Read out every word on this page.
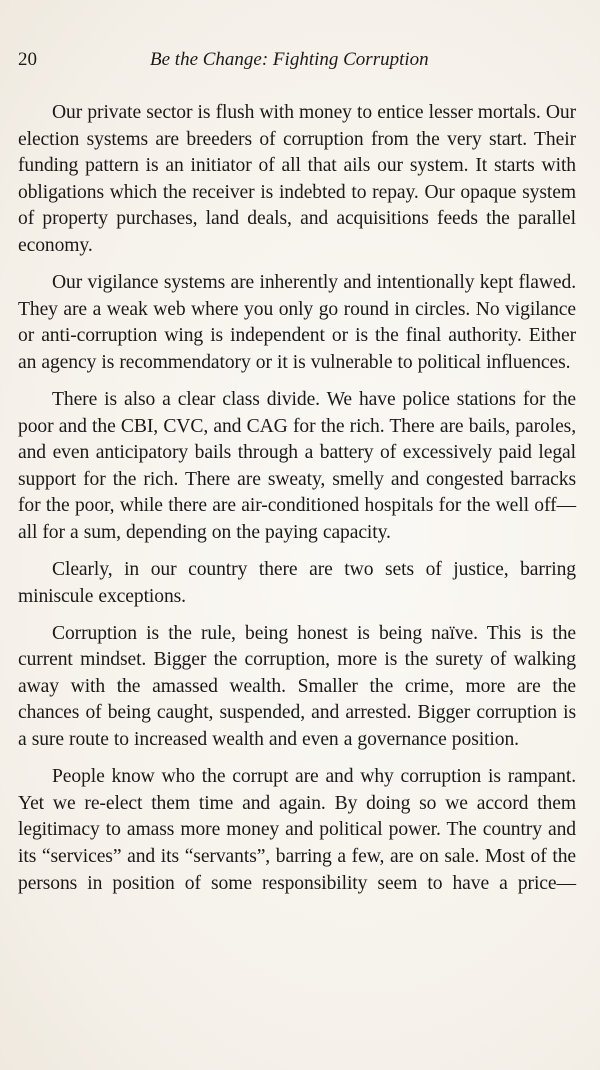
20	Be the Change: Fighting Corruption

Our private sector is flush with money to entice lesser mortals. Our election systems are breeders of corruption from the very start. Their funding pattern is an initiator of all that ails our system. It starts with obligations which the receiver is indebted to repay. Our opaque system of property purchases, land deals, and acquisitions feeds the parallel economy.

Our vigilance systems are inherently and intentionally kept flawed. They are a weak web where you only go round in circles. No vigilance or anti-corruption wing is independent or is the final authority. Either an agency is recommendatory or it is vulnerable to political influences.

There is also a clear class divide. We have police stations for the poor and the CBI, CVC, and CAG for the rich. There are bails, paroles, and even anticipatory bails through a battery of excessively paid legal support for the rich. There are sweaty, smelly and congested barracks for the poor, while there are air-conditioned hospitals for the well off—all for a sum, depending on the paying capacity.

Clearly, in our country there are two sets of justice, barring miniscule exceptions.

Corruption is the rule, being honest is being naïve. This is the current mindset. Bigger the corruption, more is the surety of walking away with the amassed wealth. Smaller the crime, more are the chances of being caught, suspended, and arrested. Bigger corruption is a sure route to increased wealth and even a governance position.

People know who the corrupt are and why corruption is rampant. Yet we re-elect them time and again. By doing so we accord them legitimacy to amass more money and political power. The country and its “services” and its “servants”, barring a few, are on sale. Most of the persons in position of some responsibility seem to have a price—
